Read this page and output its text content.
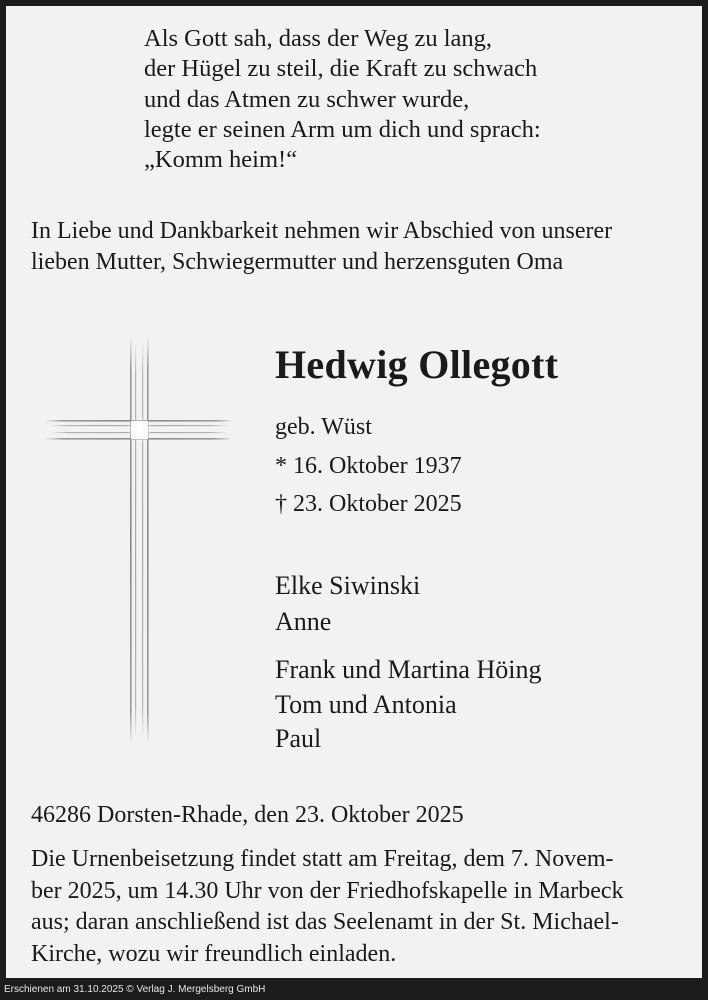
Als Gott sah, dass der Weg zu lang,
der Hügel zu steil, die Kraft zu schwach
und das Atmen zu schwer wurde,
legte er seinen Arm um dich und sprach:
„Komm heim!“
In Liebe und Dankbarkeit nehmen wir Abschied von unserer
lieben Mutter, Schwiegermutter und herzensguten Oma
Hedwig Ollegott
geb. Wüst
* 16. Oktober 1937
† 23. Oktober 2025
Elke Siwinski
Anne
Frank und Martina Höing
Tom und Antonia
Paul
46286 Dorsten-Rhade, den 23. Oktober 2025
Die Urnenbeisetzung findet statt am Freitag, dem 7. Novem-
ber 2025, um 14.30 Uhr von der Friedhofskapelle in Marbeck
aus; daran anschließend ist das Seelenamt in der St. Michael-
Kirche, wozu wir freundlich einladen.
Erschienen am 31.10.2025 © Verlag J. Mergelsberg GmbH
